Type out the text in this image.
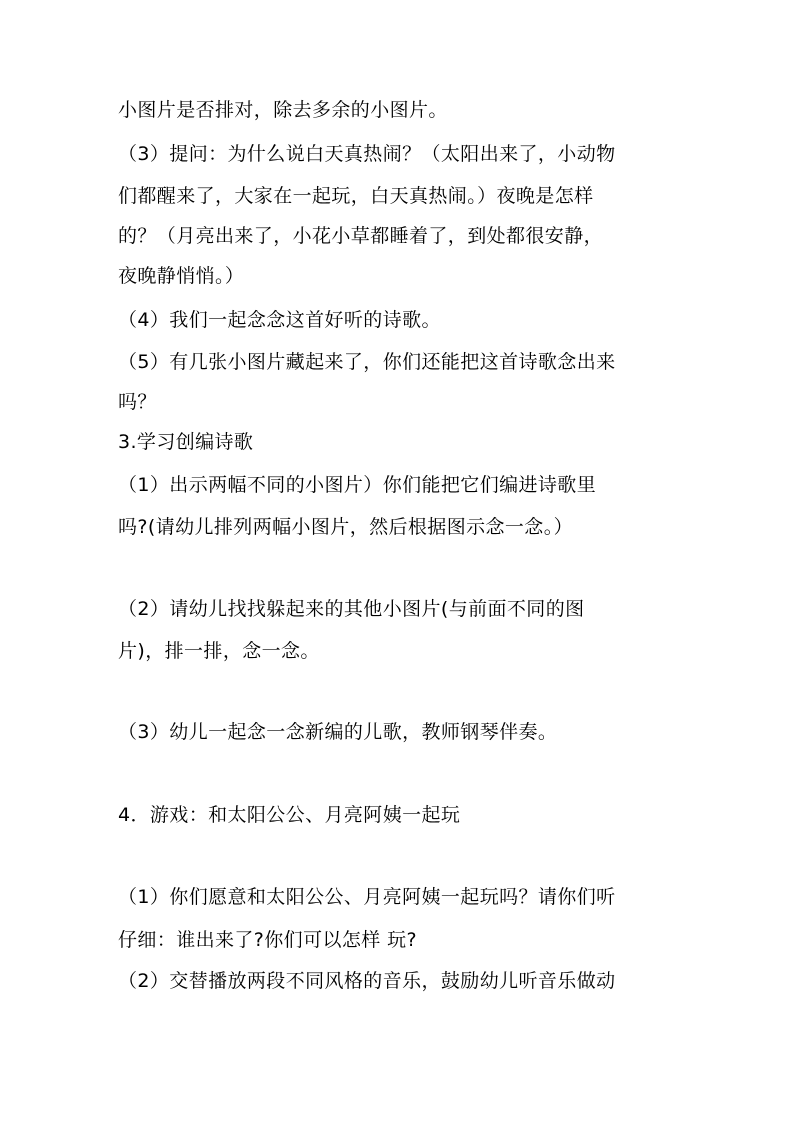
小图片是否排对，除去多余的小图片。
（3）提问：为什么说白天真热闹？（太阳出来了，小动物
们都醒来了，大家在一起玩，白天真热闹。）夜晚是怎样
的？（月亮出来了，小花小草都睡着了，到处都很安静，
夜晚静悄悄。）
（4）我们一起念念这首好听的诗歌。
（5）有几张小图片藏起来了，你们还能把这首诗歌念出来
吗？
3.学习创编诗歌
（1）出示两幅不同的小图片）你们能把它们编进诗歌里
吗?(请幼儿排列两幅小图片，然后根据图示念一念。）
（2）请幼儿找找躲起来的其他小图片(与前面不同的图
片)，排一排，念一念。
（3）幼儿一起念一念新编的儿歌，教师钢琴伴奏。
4．游戏：和太阳公公、月亮阿姨一起玩
（1）你们愿意和太阳公公、月亮阿姨一起玩吗？请你们听
仔细：谁出来了?你们可以怎样 玩?
（2）交替播放两段不同风格的音乐，鼓励幼儿听音乐做动
